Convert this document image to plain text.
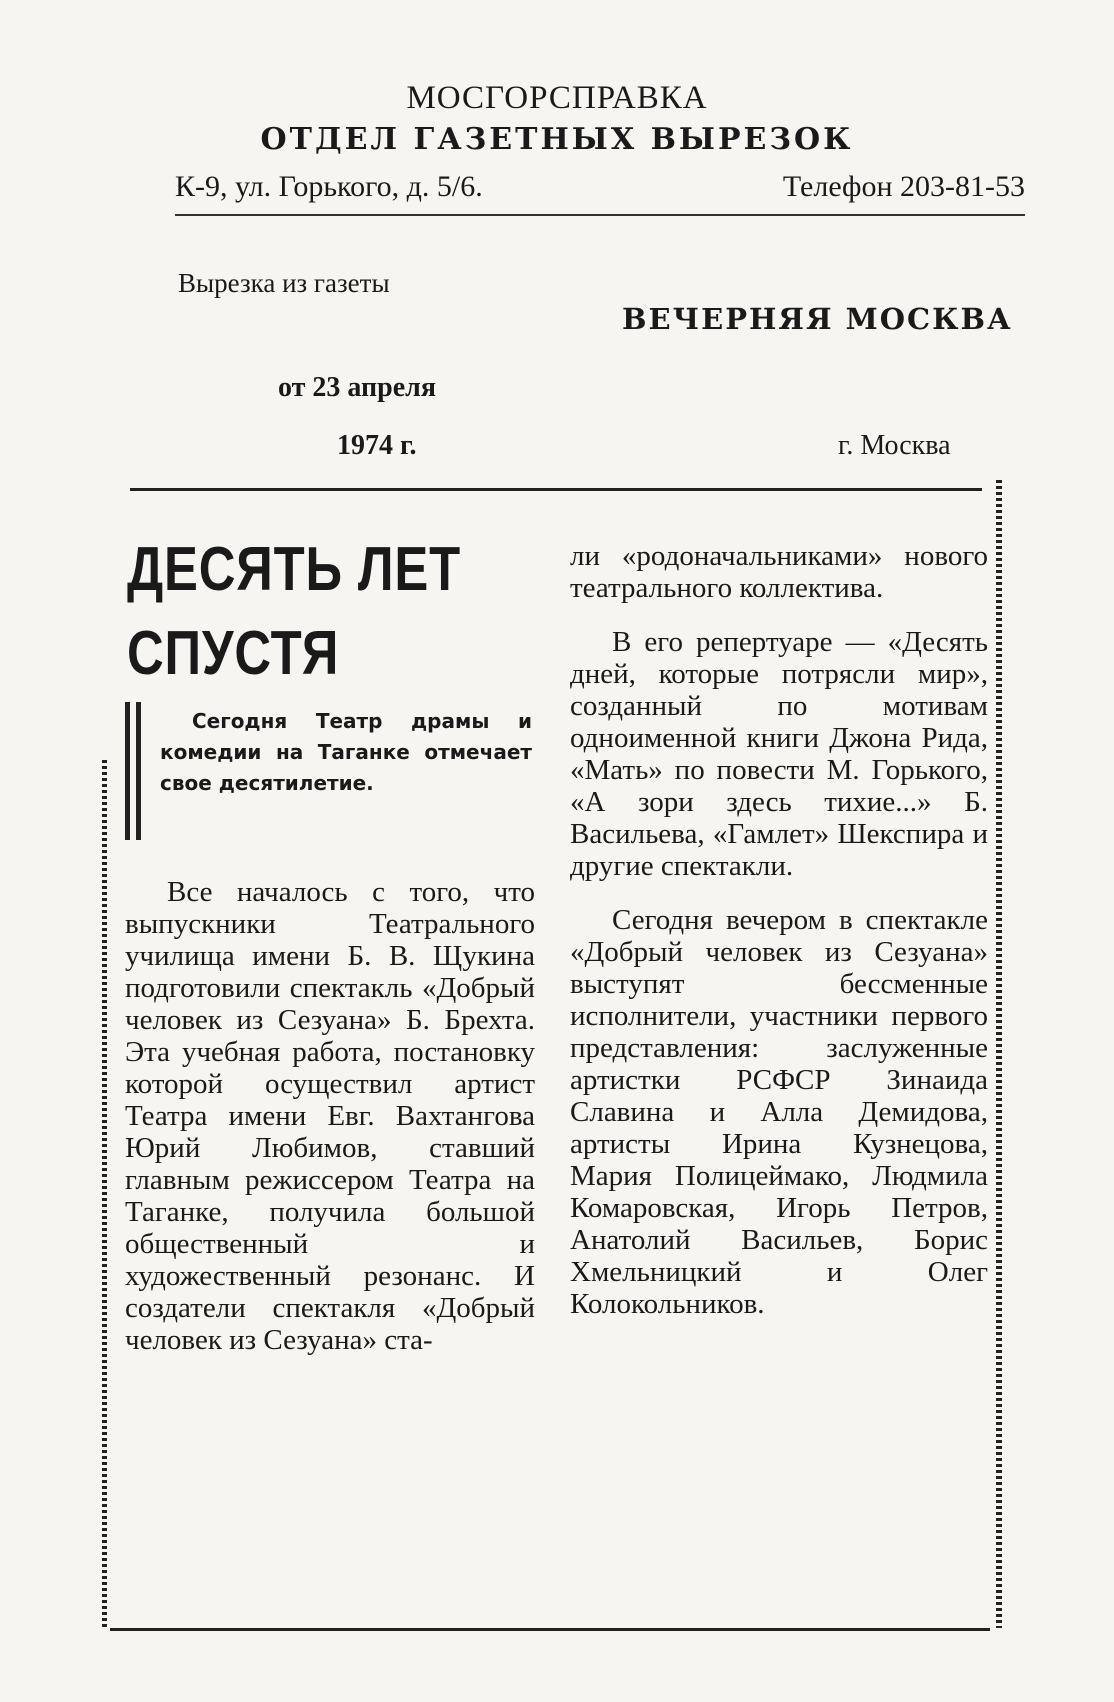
МОСГОРСПРАВКА
ОТДЕЛ ГАЗЕТНЫХ ВЫРЕЗОК
К-9, ул. Горького, д. 5/6.	Телефон 203-81-53
Вырезка из газеты
ВЕЧЕРНЯЯ МОСКВА
от 23 апреля
1974 г.	г. Москва
ДЕСЯТЬ ЛЕТ СПУСТЯ
Сегодня Театр драмы и комедии на Таганке отмечает свое десятилетие.

Все началось с того, что выпускники Театрального училища имени Б. В. Щукина подготовили спектакль «Добрый человек из Сезуана» Б. Брехта. Эта учебная работа, постановку которой осуществил артист Театра имени Евг. Вахтангова Юрий Любимов, ставший главным режиссером Театра на Таганке, получила большой общественный и художественный резонанс. И создатели спектакля «Добрый человек из Сезуана» ста-

ли «родоначальниками» нового театрального коллектива.

В его репертуаре — «Десять дней, которые потрясли мир», созданный по мотивам одноименной книги Джона Рида, «Мать» по повести М. Горького, «А зори здесь тихие...» Б. Васильева, «Гамлет» Шекспира и другие спектакли.

Сегодня вечером в спектакле «Добрый человек из Сезуана» выступят бессменные исполнители, участники первого представления: заслуженные артистки РСФСР Зинаида Славина и Алла Демидова, артисты Ирина Кузнецова, Мария Полицеймако, Людмила Комаровская, Игорь Петров, Анатолий Васильев, Борис Хмельницкий и Олег Колокольников.
